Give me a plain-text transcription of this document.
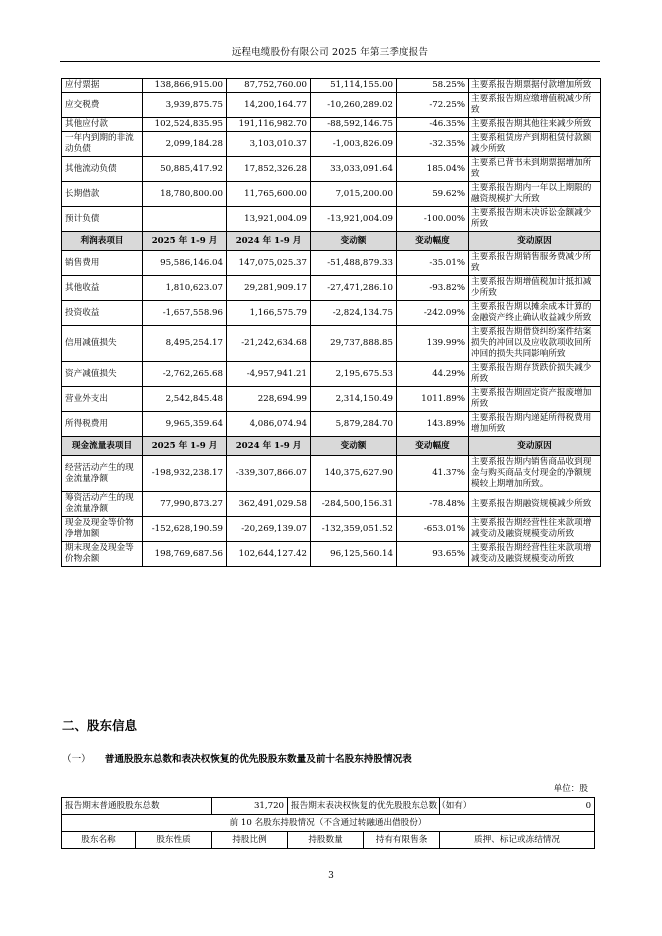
远程电缆股份有限公司 2025 年第三季度报告
应付票据	138,866,915.00	87,752,760.00	51,114,155.00	58.25%	主要系报告期票据付款增加所致
应交税费	3,939,875.75	14,200,164.77	-10,260,289.02	-72.25%	主要系报告期应缴增值税减少所致
其他应付款	102,524,835.95	191,116,982.70	-88,592,146.75	-46.35%	主要系报告期其他往来减少所致
一年内到期的非流动负债	2,099,184.28	3,103,010.37	-1,003,826.09	-32.35%	主要系租赁房产到期租赁付款额减少所致
其他流动负债	50,885,417.92	17,852,326.28	33,033,091.64	185.04%	主要系已背书未到期票据增加所致
长期借款	18,780,800.00	11,765,600.00	7,015,200.00	59.62%	主要系报告期内一年以上期限的融资规模扩大所致
预计负债		13,921,004.09	-13,921,004.09	-100.00%	主要系报告期末决诉讼金额减少所致
利润表项目	2025 年 1-9 月	2024 年 1-9 月	变动额	变动幅度	变动原因
销售费用	95,586,146.04	147,075,025.37	-51,488,879.33	-35.01%	主要系报告期销售服务费减少所致
其他收益	1,810,623.07	29,281,909.17	-27,471,286.10	-93.82%	主要系报告期增值税加计抵扣减少所致
投资收益	-1,657,558.96	1,166,575.79	-2,824,134.75	-242.09%	主要系报告期以摊余成本计算的金融资产终止确认收益减少所致
信用减值损失	8,495,254.17	-21,242,634.68	29,737,888.85	139.99%	主要系报告期借贷纠纷案件结案损失的冲回以及应收款项收回所冲回的损失共同影响所致
资产减值损失	-2,762,265.68	-4,957,941.21	2,195,675.53	44.29%	主要系报告期存货跌价损失减少所致
营业外支出	2,542,845.48	228,694.99	2,314,150.49	1011.89%	主要系报告期固定资产报废增加所致
所得税费用	9,965,359.64	4,086,074.94	5,879,284.70	143.89%	主要系报告期内递延所得税费用增加所致
现金流量表项目	2025 年 1-9 月	2024 年 1-9 月	变动额	变动幅度	变动原因
经营活动产生的现金流量净额	-198,932,238.17	-339,307,866.07	140,375,627.90	41.37%	主要系报告期内销售商品收到现金与购买商品支付现金的净额规模较上期增加所致。
筹资活动产生的现金流量净额	77,990,873.27	362,491,029.58	-284,500,156.31	-78.48%	主要系报告期融资规模减少所致
现金及现金等价物净增加额	-152,628,190.59	-20,269,139.07	-132,359,051.52	-653.01%	主要系报告期经营性往来款项增减变动及融资规模变动所致
期末现金及现金等价物余额	198,769,687.56	102,644,127.42	96,125,560.14	93.65%	主要系报告期经营性往来款项增减变动及融资规模变动所致
二、股东信息
（一） 普通股股东总数和表决权恢复的优先股股东数量及前十名股东持股情况表
单位：股
报告期末普通股股东总数		31,720	报告期末表决权恢复的优先股股东总数（如有）		0
前 10 名股东持股情况（不含通过转融通出借股份）					
股东名称	股东性质	持股比例	持股数量	持有有限售条	质押、标记或冻结情况
3
